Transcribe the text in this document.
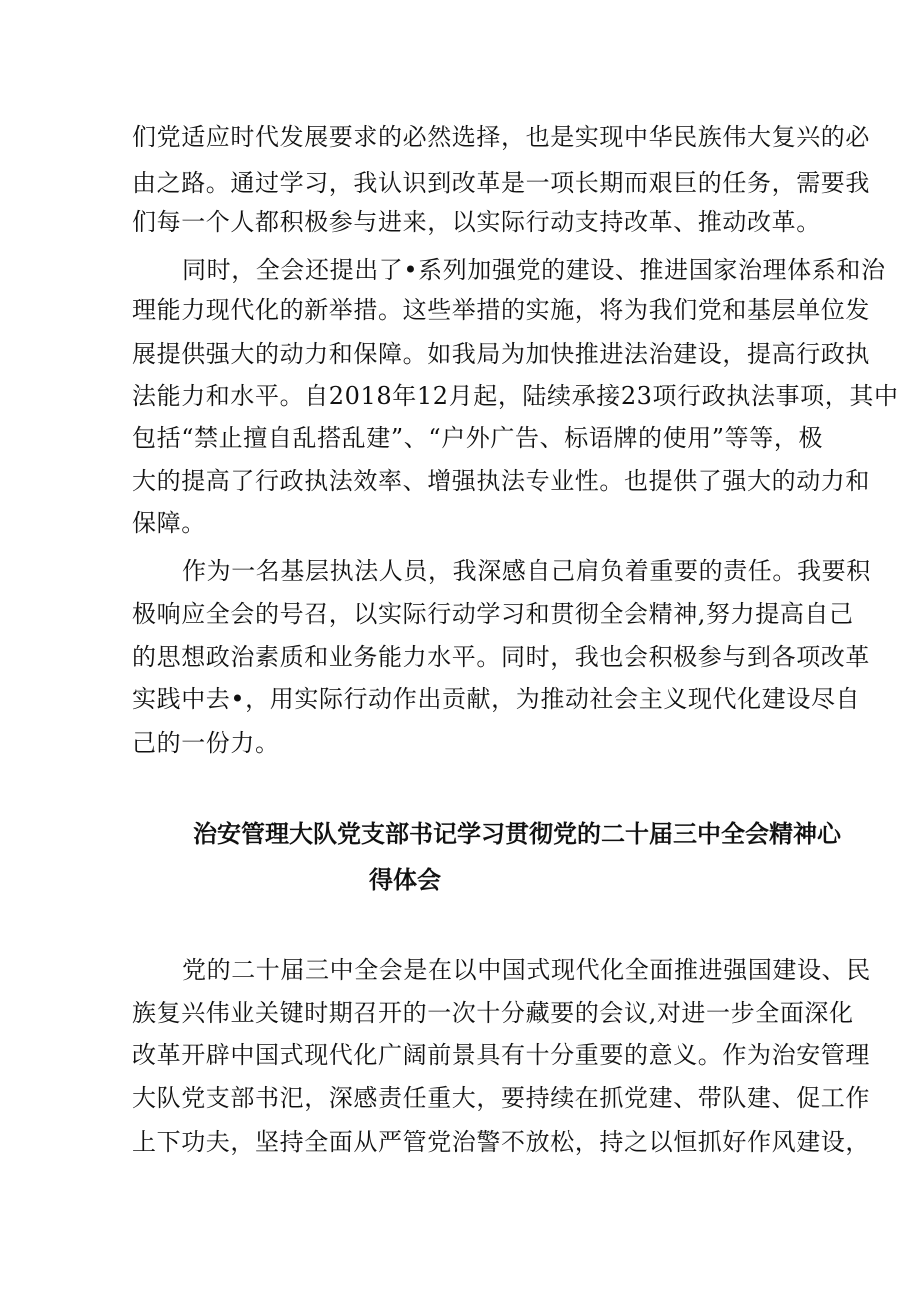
们党适应时代发展要求的必然选择，也是实现中华民族伟大复兴的必
由之路。通过学习，我认识到改革是一项长期而艰巨的任务，需要我
们每一个人都积极参与进来，以实际行动支持改革、推动改革。
同时，全会还提出了•系列加强党的建设、推进国家治理体系和治
理能力现代化的新举措。这些举措的实施，将为我们党和基层单位发
展提供强大的动力和保障。如我局为加快推进法治建设，提高行政执
法能力和水平。自2018年12月起，陆续承接23项行政执法事项，其中
包括“禁止擅自乱搭乱建”、“户外广告、标语牌的使用”等等，极
大的提高了行政执法效率、增强执法专业性。也提供了强大的动力和
保障。
作为一名基层执法人员，我深感自己肩负着重要的责任。我要积
极响应全会的号召，以实际行动学习和贯彻全会精神,努力提高自己
的思想政治素质和业务能力水平。同时，我也会积极参与到各项改革
实践中去•，用实际行动作出贡献，为推动社会主义现代化建设尽自
己的一份力。
治安管理大队党支部书记学习贯彻党的二十届三中全会精神心
得体会
党的二十届三中全会是在以中国式现代化全面推进强国建设、民
族复兴伟业关键时期召开的一次十分藏要的会议,对进一步全面深化
改革开辟中国式现代化广阔前景具有十分重要的意义。作为治安管理
大队党支部书汜，深感责任重大，要持续在抓党建、带队建、促工作
上下功夫，坚持全面从严管党治警不放松，持之以恒抓好作风建设，
